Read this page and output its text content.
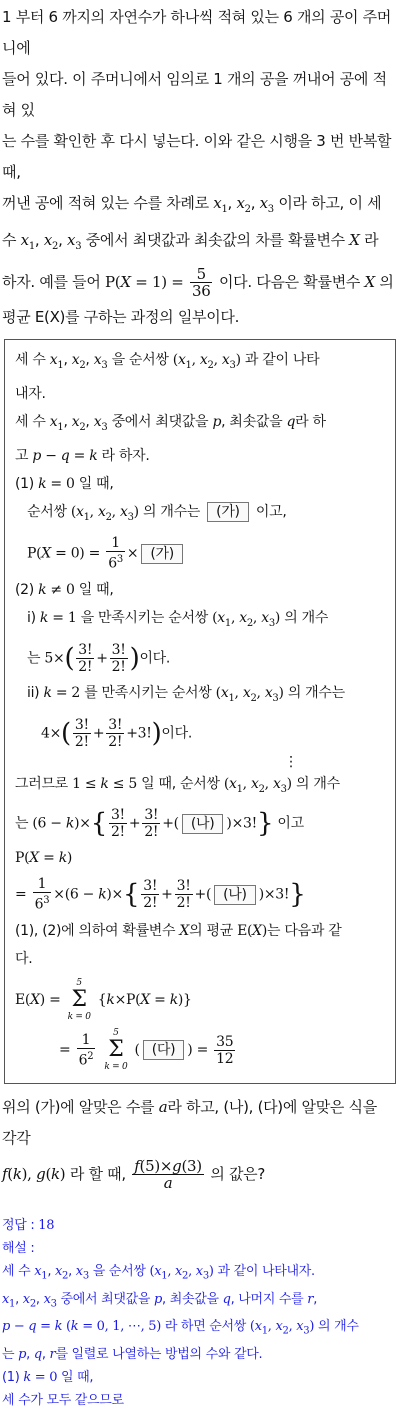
1 부터 6 까지의 자연수가 하나씩 적혀 있는 6 개의 공이 주머니에
들어 있다. 이 주머니에서 임의로 1 개의 공을 꺼내어 공에 적혀 있
는 수를 확인한 후 다시 넣는다. 이와 같은 시행을 3 번 반복할 때,
꺼낸 공에 적혀 있는 수를 차례로 $x_1$, $x_2$, $x_3$ 이라 하고, 이 세
수 $x_1$, $x_2$, $x_3$ 중에서 최댓값과 최솟값의 차를 확률변수 X 라
하자. 예를 들어 $P(X = 1) = \frac{5}{36}$ 이다. 다음은 확률변수 X 의
평균 E(X)를 구하는 과정의 일부이다.
세 수 $x_1$, $x_2$, $x_3$ 을 순서쌍 ($x_1$, $x_2$, $x_3$) 과 같이 나타
내자.
세 수 $x_1$, $x_2$, $x_3$ 중에서 최댓값을 p, 최솟값을 q라 하
고 p − q = k 라 하자.
(1) k = 0 일 때,
순서쌍 ($x_1$, $x_2$, $x_3$) 의 개수는 (가) 이고,
$P(X = 0) = \frac{1}{6^3}$ × (가)
(2) k ≠ 0 일 때,
i) k = 1 을 만족시키는 순서쌍 ($x_1$, $x_2$, $x_3$) 의 개수
는 $5\times( \frac{3!}{2!} + \frac{3!}{2!}$ )이다.
ii) k = 2 를 만족시키는 순서쌍 ($x_1$, $x_2$, $x_3$) 의 개수는
$4\times( \frac{3!}{2!} + \frac{3!}{2!} +3!)$이다.
⋮
그러므로 1 ≤ k ≤ 5 일 때, 순서쌍 ($x_1$, $x_2$, $x_3$) 의 개수
는 $(6 - k)\times\{ \frac{3!}{2!} + \frac{3!}{2!}$ +( (나) )×3!} 이고
P(X = k)
= $\frac{1}{6^3} \times(6 - k)\times\{ \frac{3!}{2!} + \frac{3!}{2!}$ +( (나) )×3!}
(1), (2)에 의하여 확률변수 X의 평균 E(X)는 다음과 같
다.
E(X) =
5
Σ
k = 0
{k×P(X = k)}
= $\frac{1}{6^2}$
	5
Σ
k = 0
( (다) ) = $\frac{35}{12}$
위의 (가)에 알맞은 수를 a라 하고, (나), (다)에 알맞은 식을 각각
f(k), g(k) 라 할 때, $\frac{f(5)\times g(3)}{a}$ 의 값은?
정답 : 18
해설 :
세 수 $x_1$, $x_2$, $x_3$ 을 순서쌍 ($x_1$, $x_2$, $x_3$) 과 같이 나타내자.
$x_1$, $x_2$, $x_3$ 중에서 최댓값을 p, 최솟값을 q, 나머지 수를 r,
p − q = k (k = 0, 1, ⋯, 5) 라 하면 순서쌍 ($x_1$, $x_2$, $x_3$) 의 개수
는 p, q, r를 일렬로 나열하는 방법의 수와 같다.
(1) k = 0 일 때,
세 수가 모두 같으므로
